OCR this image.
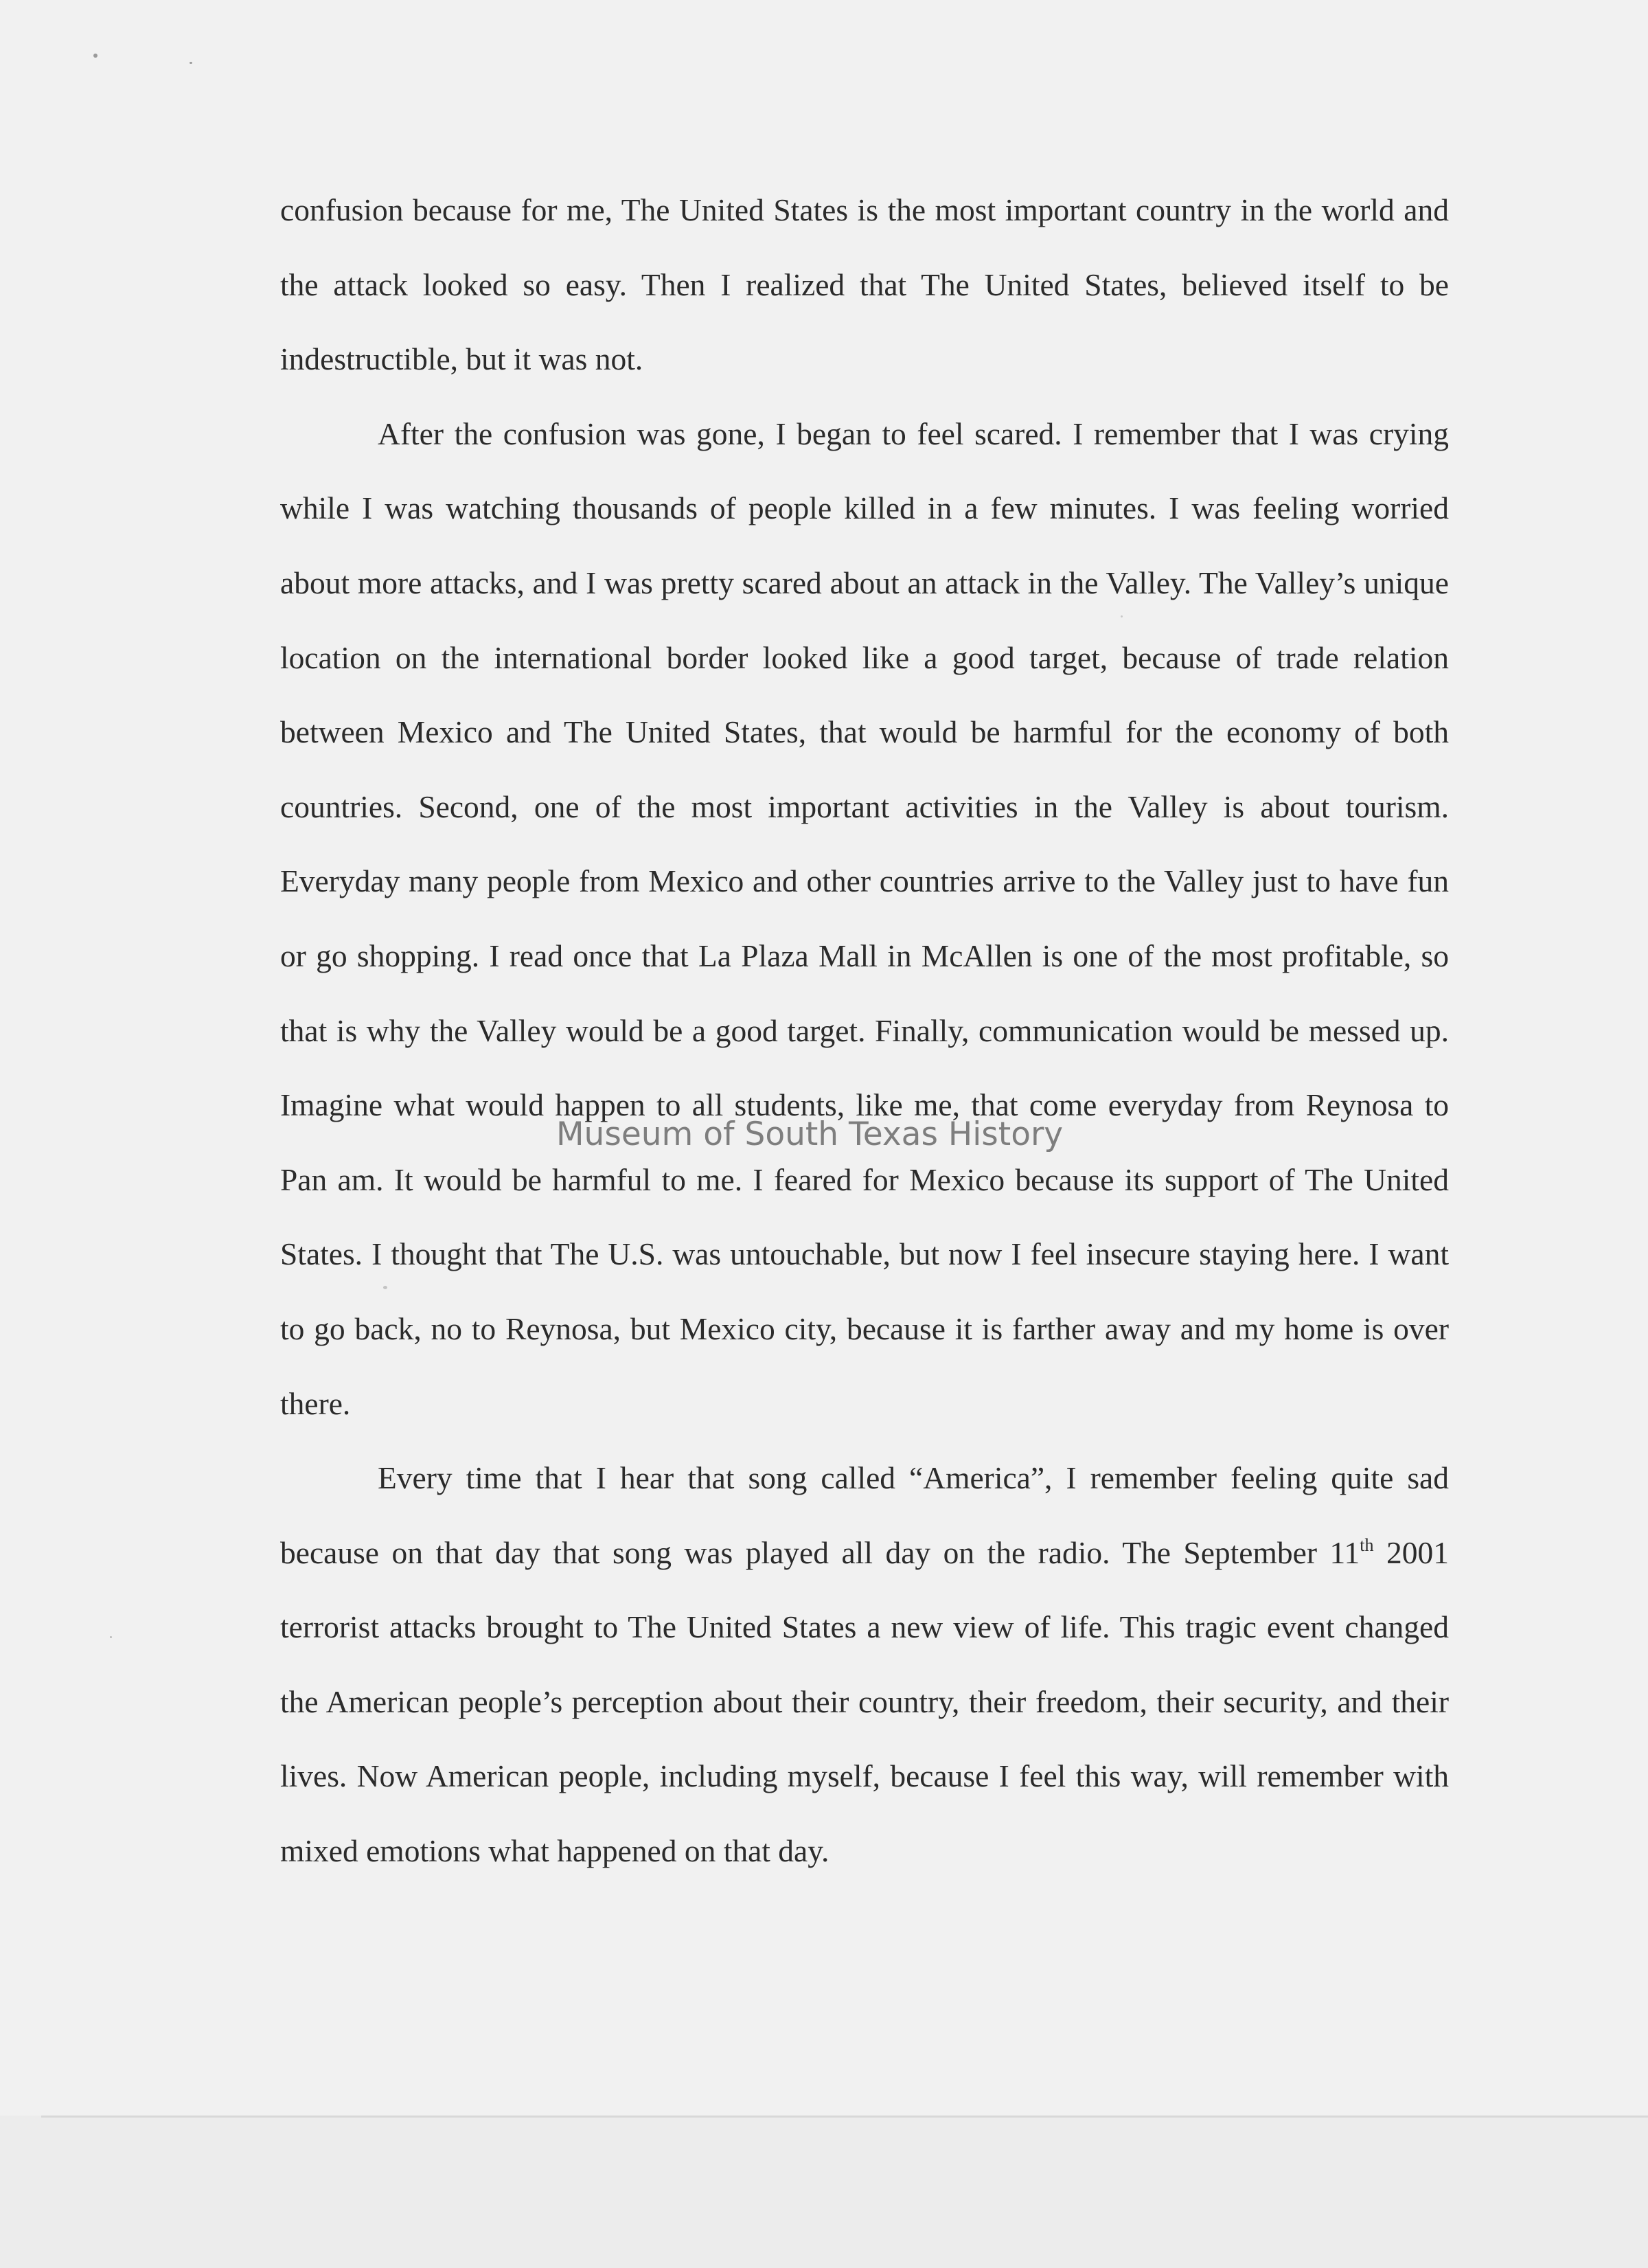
confusion because for me, The United States is the most important country in the world and the attack looked so easy. Then I realized that The United States, believed itself to be indestructible, but it was not.

After the confusion was gone, I began to feel scared. I remember that I was crying while I was watching thousands of people killed in a few minutes. I was feeling worried about more attacks, and I was pretty scared about an attack in the Valley. The Valley’s unique location on the international border looked like a good target, because of trade relation between Mexico and The United States, that would be harmful for the economy of both countries. Second, one of the most important activities in the Valley is about tourism. Everyday many people from Mexico and other countries arrive to the Valley just to have fun or go shopping. I read once that La Plaza Mall in McAllen is one of the most profitable, so that is why the Valley would be a good target. Finally, communication would be messed up. Imagine what would happen to all students, like me, that come everyday from Reynosa to Pan am. It would be harmful to me. I feared for Mexico because its support of The United States. I thought that The U.S. was untouchable, but now I feel insecure staying here. I want to go back, no to Reynosa, but Mexico city, because it is farther away and my home is over there.

Every time that I hear that song called “America”, I remember feeling quite sad because on that day that song was played all day on the radio. The September 11th 2001 terrorist attacks brought to The United States a new view of life. This tragic event changed the American people’s perception about their country, their freedom, their security, and their lives. Now American people, including myself, because I feel this way, will remember with mixed emotions what happened on that day.

Museum of South Texas History
